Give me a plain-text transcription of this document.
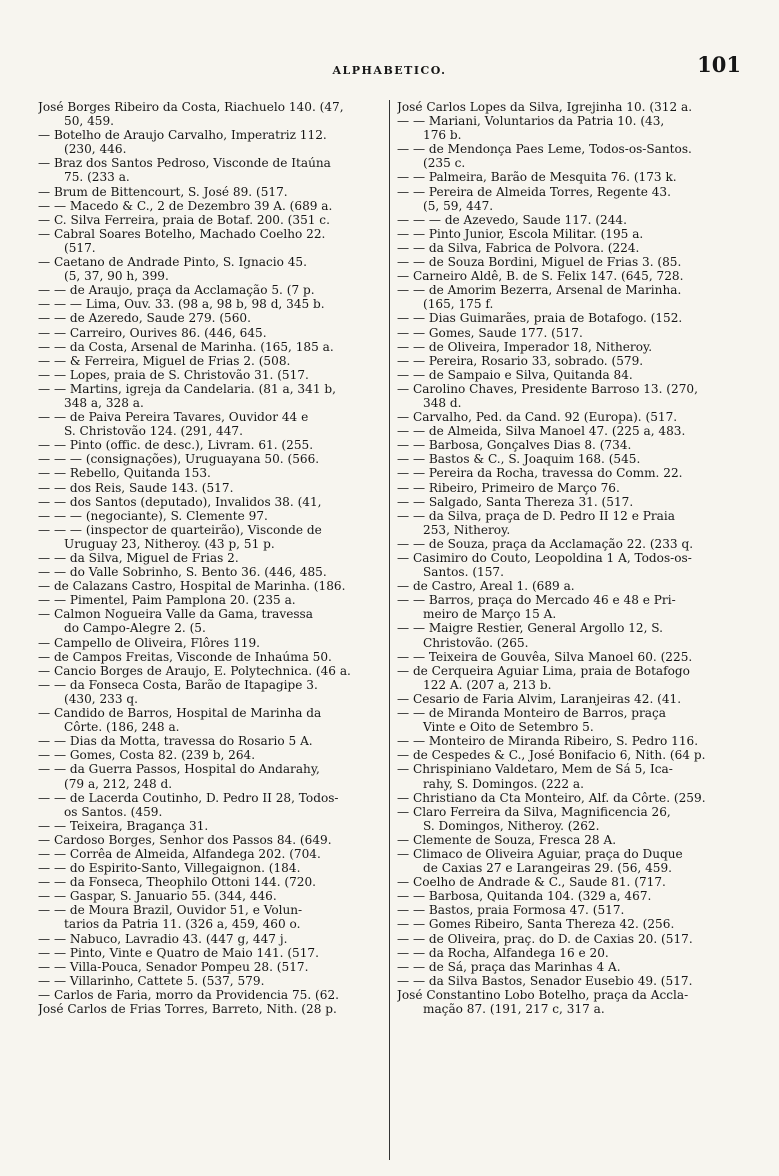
ALPHABETICO.	101
José Borges Ribeiro da Costa, Riachuelo 140. (47,
50, 459.
— Botelho de Araujo Carvalho, Imperatriz 112.
(230, 446.
— Braz dos Santos Pedroso, Visconde de Itaúna
75. (233 a.
— Brum de Bittencourt, S. José 89. (517.
— — Macedo & C., 2 de Dezembro 39 A. (689 a.
— C. Silva Ferreira, praia de Botaf. 200. (351 c.
— Cabral Soares Botelho, Machado Coelho 22.
(517.
— Caetano de Andrade Pinto, S. Ignacio 45.
(5, 37, 90 h, 399.
— — de Araujo, praça da Acclamação 5. (7 p.
— — — Lima, Ouv. 33. (98 a, 98 b, 98 d, 345 b.
— — de Azeredo, Saude 279. (560.
— — Carreiro, Ourives 86. (446, 645.
— — da Costa, Arsenal de Marinha. (165, 185 a.
— — & Ferreira, Miguel de Frias 2. (508.
— — Lopes, praia de S. Christovão 31. (517.
— — Martins, igreja da Candelaria. (81 a, 341 b,
348 a, 328 a.
— — de Paiva Pereira Tavares, Ouvidor 44 e
S. Christovão 124. (291, 447.
— — Pinto (offic. de desc.), Livram. 61. (255.
— — — (consignações), Uruguayana 50. (566.
— — Rebello, Quitanda 153.
— — dos Reis, Saude 143. (517.
— — dos Santos (deputado), Invalidos 38. (41,
— — — (negociante), S. Clemente 97.
— — — (inspector de quarteirão), Visconde de
Uruguay 23, Nitheroy. (43 p, 51 p.
— — da Silva, Miguel de Frias 2.
— — do Valle Sobrinho, S. Bento 36. (446, 485.
— de Calazans Castro, Hospital de Marinha. (186.
— — Pimentel, Paim Pamplona 20. (235 a.
— Calmon Nogueira Valle da Gama, travessa
do Campo-Alegre 2. (5.
— Campello de Oliveira, Flôres 119.
— de Campos Freitas, Visconde de Inhaúma 50.
— Cancio Borges de Araujo, E. Polytechnica. (46 a.
— — da Fonseca Costa, Barão de Itapagipe 3.
(430, 233 q.
— Candido de Barros, Hospital de Marinha da
Côrte. (186, 248 a.
— — Dias da Motta, travessa do Rosario 5 A.
— — Gomes, Costa 82. (239 b, 264.
— — da Guerra Passos, Hospital do Andarahy,
(79 a, 212, 248 d.
— — de Lacerda Coutinho, D. Pedro II 28, Todos-
os Santos. (459.
— — Teixeira, Bragança 31.
— Cardoso Borges, Senhor dos Passos 84. (649.
— — Corrêa de Almeida, Alfandega 202. (704.
— — do Espirito-Santo, Villegaignon. (184.
— — da Fonseca, Theophilo Ottoni 144. (720.
— — Gaspar, S. Januario 55. (344, 446.
— — de Moura Brazil, Ouvidor 51, e Volun-
tarios da Patria 11. (326 a, 459, 460 o.
— — Nabuco, Lavradio 43. (447 g, 447 j.
— — Pinto, Vinte e Quatro de Maio 141. (517.
— — Villa-Pouca, Senador Pompeu 28. (517.
— — Villarinho, Cattete 5. (537, 579.
— Carlos de Faria, morro da Providencia 75. (62.
José Carlos de Frias Torres, Barreto, Nith. (28 p.
José Carlos Lopes da Silva, Igrejinha 10. (312 a.
— — Mariani, Voluntarios da Patria 10. (43,
176 b.
— — de Mendonça Paes Leme, Todos-os-Santos.
(235 c.
— — Palmeira, Barão de Mesquita 76. (173 k.
— — Pereira de Almeida Torres, Regente 43.
(5, 59, 447.
— — — de Azevedo, Saude 117. (244.
— — Pinto Junior, Escola Militar. (195 a.
— — da Silva, Fabrica de Polvora. (224.
— — de Souza Bordini, Miguel de Frias 3. (85.
— Carneiro Aldê, B. de S. Felix 147. (645, 728.
— — de Amorim Bezerra, Arsenal de Marinha.
(165, 175 f.
— — Dias Guimarães, praia de Botafogo. (152.
— — Gomes, Saude 177. (517.
— — de Oliveira, Imperador 18, Nitheroy.
— — Pereira, Rosario 33, sobrado. (579.
— — de Sampaio e Silva, Quitanda 84.
— Carolino Chaves, Presidente Barroso 13. (270,
348 d.
— Carvalho, Ped. da Cand. 92 (Europa). (517.
— — de Almeida, Silva Manoel 47. (225 a, 483.
— — Barbosa, Gonçalves Dias 8. (734.
— — Bastos & C., S. Joaquim 168. (545.
— — Pereira da Rocha, travessa do Comm. 22.
— — Ribeiro, Primeiro de Março 76.
— — Salgado, Santa Thereza 31. (517.
— — da Silva, praça de D. Pedro II 12 e Praia
253, Nitheroy.
— — de Souza, praça da Acclamação 22. (233 q.
— Casimiro do Couto, Leopoldina 1 A, Todos-os-
Santos. (157.
— de Castro, Areal 1. (689 a.
— — Barros, praça do Mercado 46 e 48 e Pri-
meiro de Março 15 A.
— — Maigre Restier, General Argollo 12, S.
Christovão. (265.
— — Teixeira de Gouvêa, Silva Manoel 60. (225.
— de Cerqueira Aguiar Lima, praia de Botafogo
122 A. (207 a, 213 b.
— Cesario de Faria Alvim, Laranjeiras 42. (41.
— — de Miranda Monteiro de Barros, praça
Vinte e Oito de Setembro 5.
— — Monteiro de Miranda Ribeiro, S. Pedro 116.
— de Cespedes & C., José Bonifacio 6, Nith. (64 p.
— Chrispiniano Valdetaro, Mem de Sá 5, Ica-
rahy, S. Domingos. (222 a.
— Christiano da Cta Monteiro, Alf. da Côrte. (259.
— Claro Ferreira da Silva, Magnificencia 26,
S. Domingos, Nitheroy. (262.
— Clemente de Souza, Fresca 28 A.
— Climaco de Oliveira Aguiar, praça do Duque
de Caxias 27 e Larangeiras 29. (56, 459.
— Coelho de Andrade & C., Saude 81. (717.
— — Barbosa, Quitanda 104. (329 a, 467.
— — Bastos, praia Formosa 47. (517.
— — Gomes Ribeiro, Santa Thereza 42. (256.
— — de Oliveira, praç. do D. de Caxias 20. (517.
— — da Rocha, Alfandega 16 e 20.
— — de Sá, praça das Marinhas 4 A.
— — da Silva Bastos, Senador Eusebio 49. (517.
José Constantino Lobo Botelho, praça da Accla-
mação 87. (191, 217 c, 317 a.
